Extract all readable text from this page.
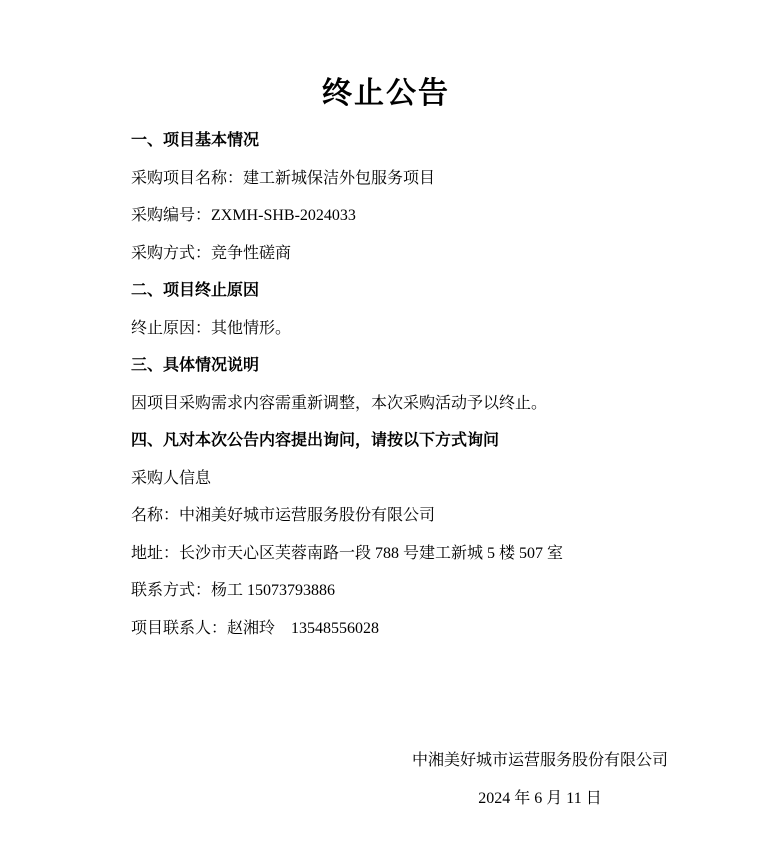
终止公告
一、项目基本情况

采购项目名称：建工新城保洁外包服务项目

采购编号：ZXMH-SHB-2024033

采购方式：竞争性磋商

二、项目终止原因

终止原因：其他情形。

三、具体情况说明

因项目采购需求内容需重新调整，本次采购活动予以终止。

四、凡对本次公告内容提出询问，请按以下方式询问

采购人信息

名称：中湘美好城市运营服务股份有限公司

地址：长沙市天心区芙蓉南路一段 788 号建工新城 5 楼 507 室

联系方式：杨工 15073793886

项目联系人：赵湘玲　13548556028

中湘美好城市运营服务股份有限公司

2024 年 6 月 11 日
